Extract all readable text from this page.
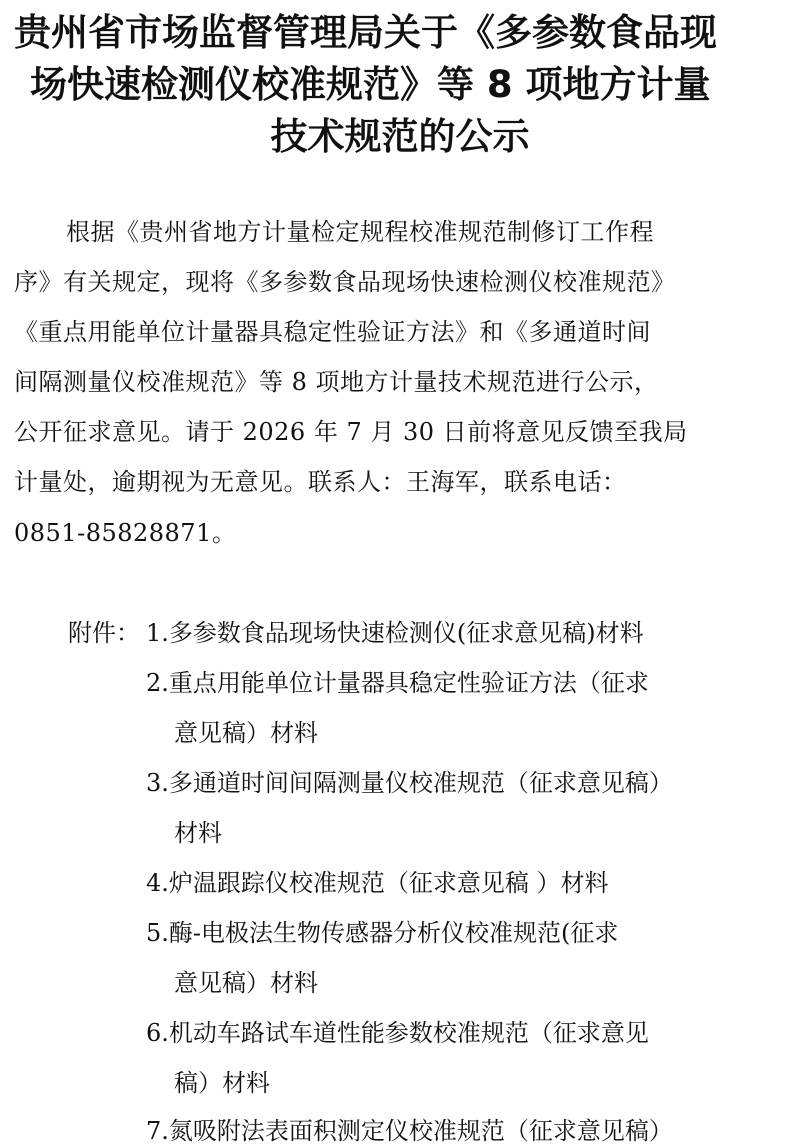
贵州省市场监督管理局关于《多参数食品现
场快速检测仪校准规范》等 8 项地方计量
技术规范的公示
根据《贵州省地方计量检定规程校准规范制修订工作程
序》有关规定，现将《多参数食品现场快速检测仪校准规范》
《重点用能单位计量器具稳定性验证方法》和《多通道时间
间隔测量仪校准规范》等 8 项地方计量技术规范进行公示，
公开征求意见。请于 2026 年 7 月 30 日前将意见反馈至我局
计量处，逾期视为无意见。联系人：王海军，联系电话：
0851-85828871。
附件： 1.多参数食品现场快速检测仪(征求意见稿)材料
2.重点用能单位计量器具稳定性验证方法（征求
意见稿）材料
3.多通道时间间隔测量仪校准规范（征求意见稿）
材料
4.炉温跟踪仪校准规范（征求意见稿 ）材料
5.酶-电极法生物传感器分析仪校准规范(征求
意见稿）材料
6.机动车路试车道性能参数校准规范（征求意见
稿）材料
7.氮吸附法表面积测定仪校准规范（征求意见稿）
